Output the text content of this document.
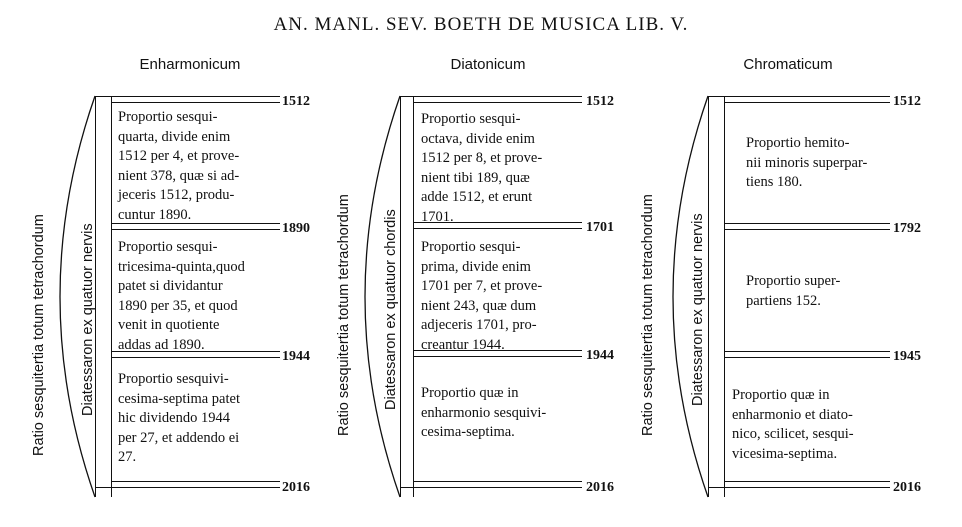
AN. MANL. SEV. BOETH DE MUSICA LIB. V.
Enharmonicum
Ratio sesquitertia totum tetrachordum Diatessaron ex quatuor nervis
1512
1890
1944
2016
Proportio sesqui-
quarta, divide enim
1512 per 4, et prove-
nient 378, quæ si ad-
jeceris 1512, produ-
cuntur 1890.
Proportio sesqui-
tricesima-quinta,quod
patet si dividantur
1890 per 35, et quod
venit in quotiente
addas ad 1890.
Proportio sesquivi-
cesima-septima patet
hic dividendo 1944
per 27, et addendo ei
27.
Diatonicum
Ratio sesquitertia totum tetrachordum Diatessaron ex quatuor chordis
1512
1701
1944
2016
Proportio sesqui-
octava, divide enim
1512 per 8, et prove-
nient tibi 189, quæ
adde 1512, et erunt
1701.
Proportio sesqui-
prima, divide enim
1701 per 7, et prove-
nient 243, quæ dum
adjeceris 1701, pro-
creantur 1944.
Proportio quæ in
enharmonio sesquivi-
cesima-septima.
Chromaticum
Ratio sesquitertia totum tetrachordum Diatessaron ex quatuor nervis
1512
1792
1945
2016
Proportio hemito-
nii minoris superpar-
tiens 180.
Proportio super-
partiens 152.
Proportio quæ in
enharmonio et diato-
nico, scilicet, sesqui-
vicesima-septima.
